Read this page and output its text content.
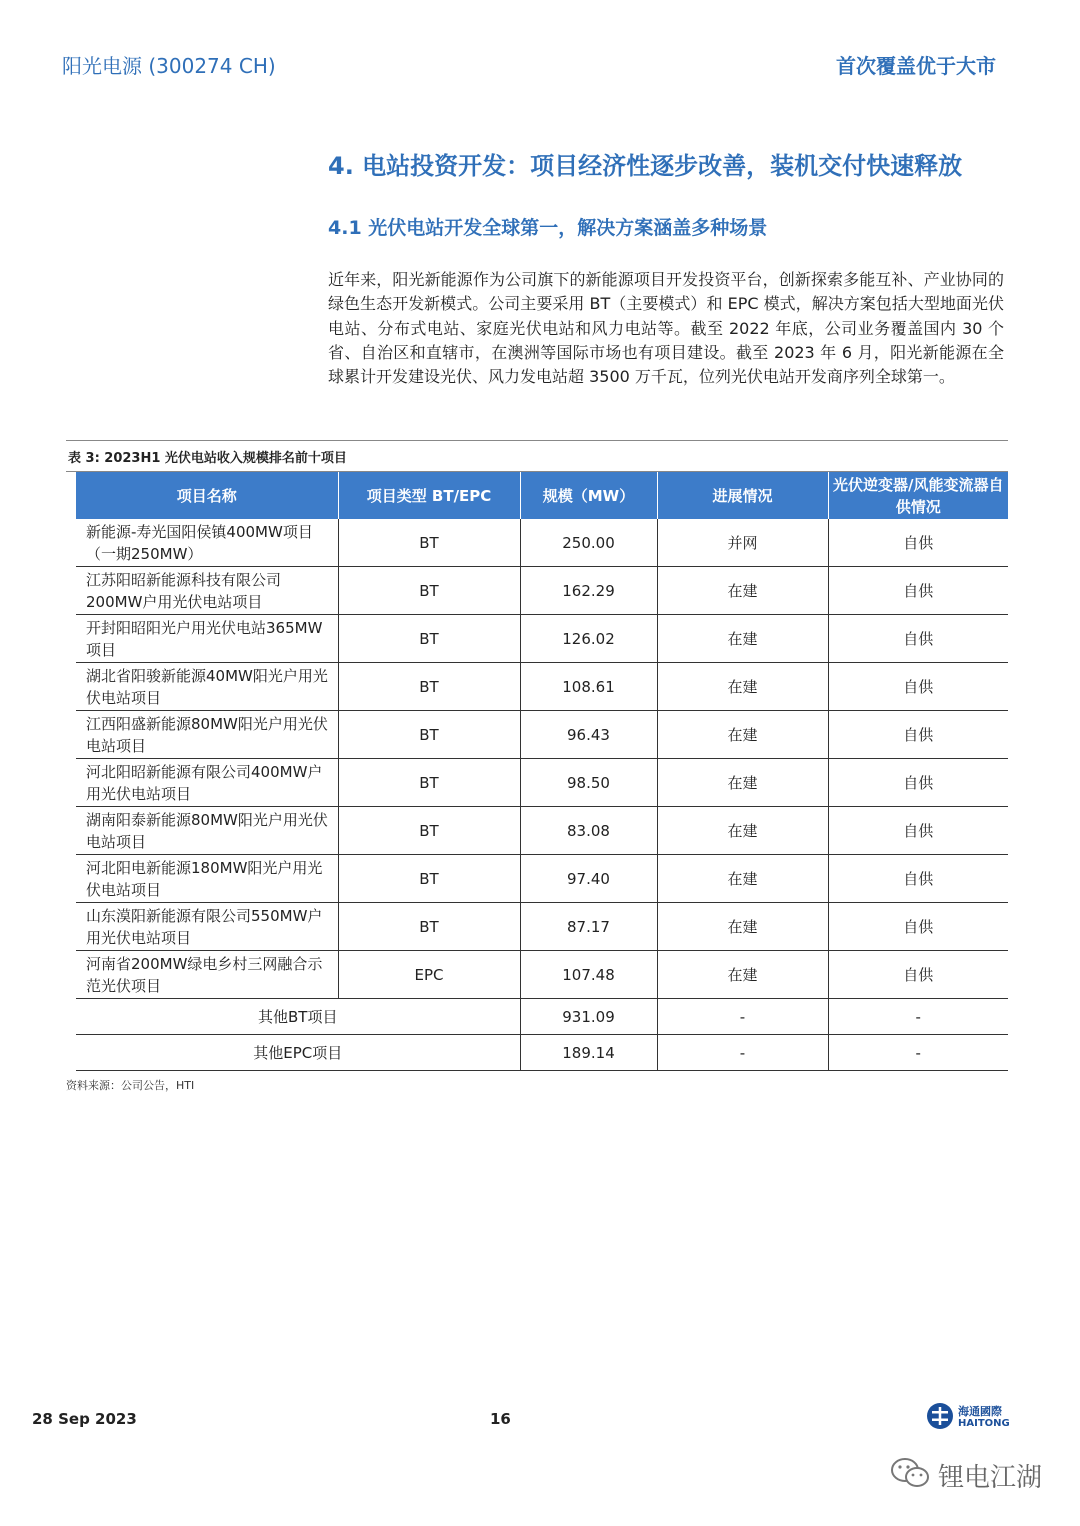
阳光电源 (300274 CH)	首次覆盖优于大市
4. 电站投资开发：项目经济性逐步改善，装机交付快速释放
4.1 光伏电站开发全球第一，解决方案涵盖多种场景
近年来，阳光新能源作为公司旗下的新能源项目开发投资平台，创新探索多能互补、产业协同的绿色生态开发新模式。公司主要采用 BT（主要模式）和 EPC 模式，解决方案包括大型地面光伏电站、分布式电站、家庭光伏电站和风力电站等。截至 2022 年底，公司业务覆盖国内 30 个省、自治区和直辖市，在澳洲等国际市场也有项目建设。截至 2023 年 6 月，阳光新能源在全球累计开发建设光伏、风力发电站超 3500 万千瓦，位列光伏电站开发商序列全球第一。
表 3: 2023H1 光伏电站收入规模排名前十项目
项目名称	项目类型 BT/EPC	规模（MW）	进展情况	光伏逆变器/风能变流器自供情况
新能源-寿光国阳侯镇400MW项目（一期250MW）	BT	250.00	并网	自供
江苏阳昭新能源科技有限公司200MW户用光伏电站项目	BT	162.29	在建	自供
开封阳昭阳光户用光伏电站365MW项目	BT	126.02	在建	自供
湖北省阳骏新能源40MW阳光户用光伏电站项目	BT	108.61	在建	自供
江西阳盛新能源80MW阳光户用光伏电站项目	BT	96.43	在建	自供
河北阳昭新能源有限公司400MW户用光伏电站项目	BT	98.50	在建	自供
湖南阳泰新能源80MW阳光户用光伏电站项目	BT	83.08	在建	自供
河北阳电新能源180MW阳光户用光伏电站项目	BT	97.40	在建	自供
山东漠阳新能源有限公司550MW户用光伏电站项目	BT	87.17	在建	自供
河南省200MW绿电乡村三网融合示范光伏项目	EPC	107.48	在建	自供
其他BT项目		931.09	-	-
其他EPC项目		189.14	-	-
资料来源：公司公告，HTI
28 Sep 2023	16	海通國際
HAITONG
锂电江湖
